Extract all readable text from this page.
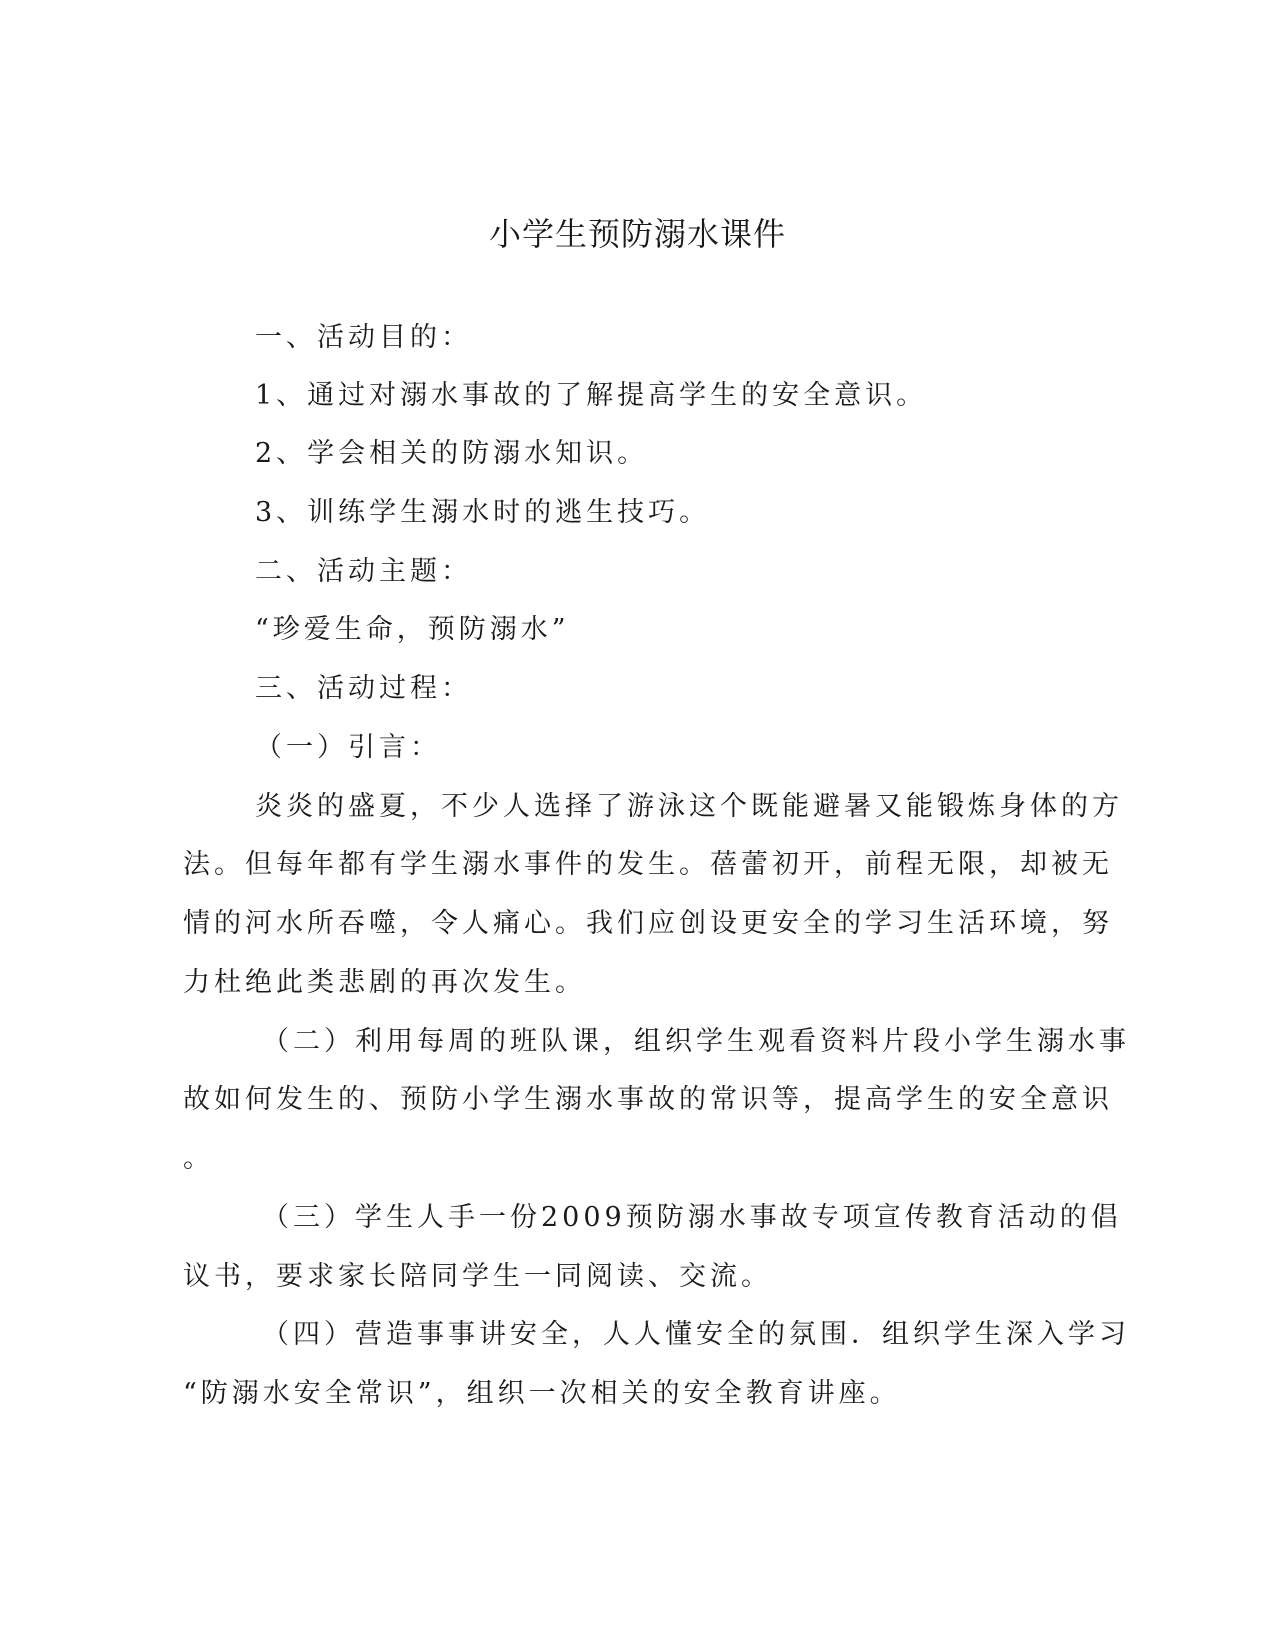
小学生预防溺水课件
一、活动目的：
1、通过对溺水事故的了解提高学生的安全意识。
2、学会相关的防溺水知识。
3、训练学生溺水时的逃生技巧。
二、活动主题：
“珍爱生命，预防溺水”
三、活动过程：
（一）引言：
炎炎的盛夏，不少人选择了游泳这个既能避暑又能锻炼身体的方
法。但每年都有学生溺水事件的发生。蓓蕾初开，前程无限，却被无
情的河水所吞噬，令人痛心。我们应创设更安全的学习生活环境，努
力杜绝此类悲剧的再次发生。
（二）利用每周的班队课，组织学生观看资料片段小学生溺水事
故如何发生的、预防小学生溺水事故的常识等，提高学生的安全意识
。
（三）学生人手一份2009预防溺水事故专项宣传教育活动的倡
议书，要求家长陪同学生一同阅读、交流。
（四）营造事事讲安全，人人懂安全的氛围．组织学生深入学习
“防溺水安全常识”，组织一次相关的安全教育讲座。
